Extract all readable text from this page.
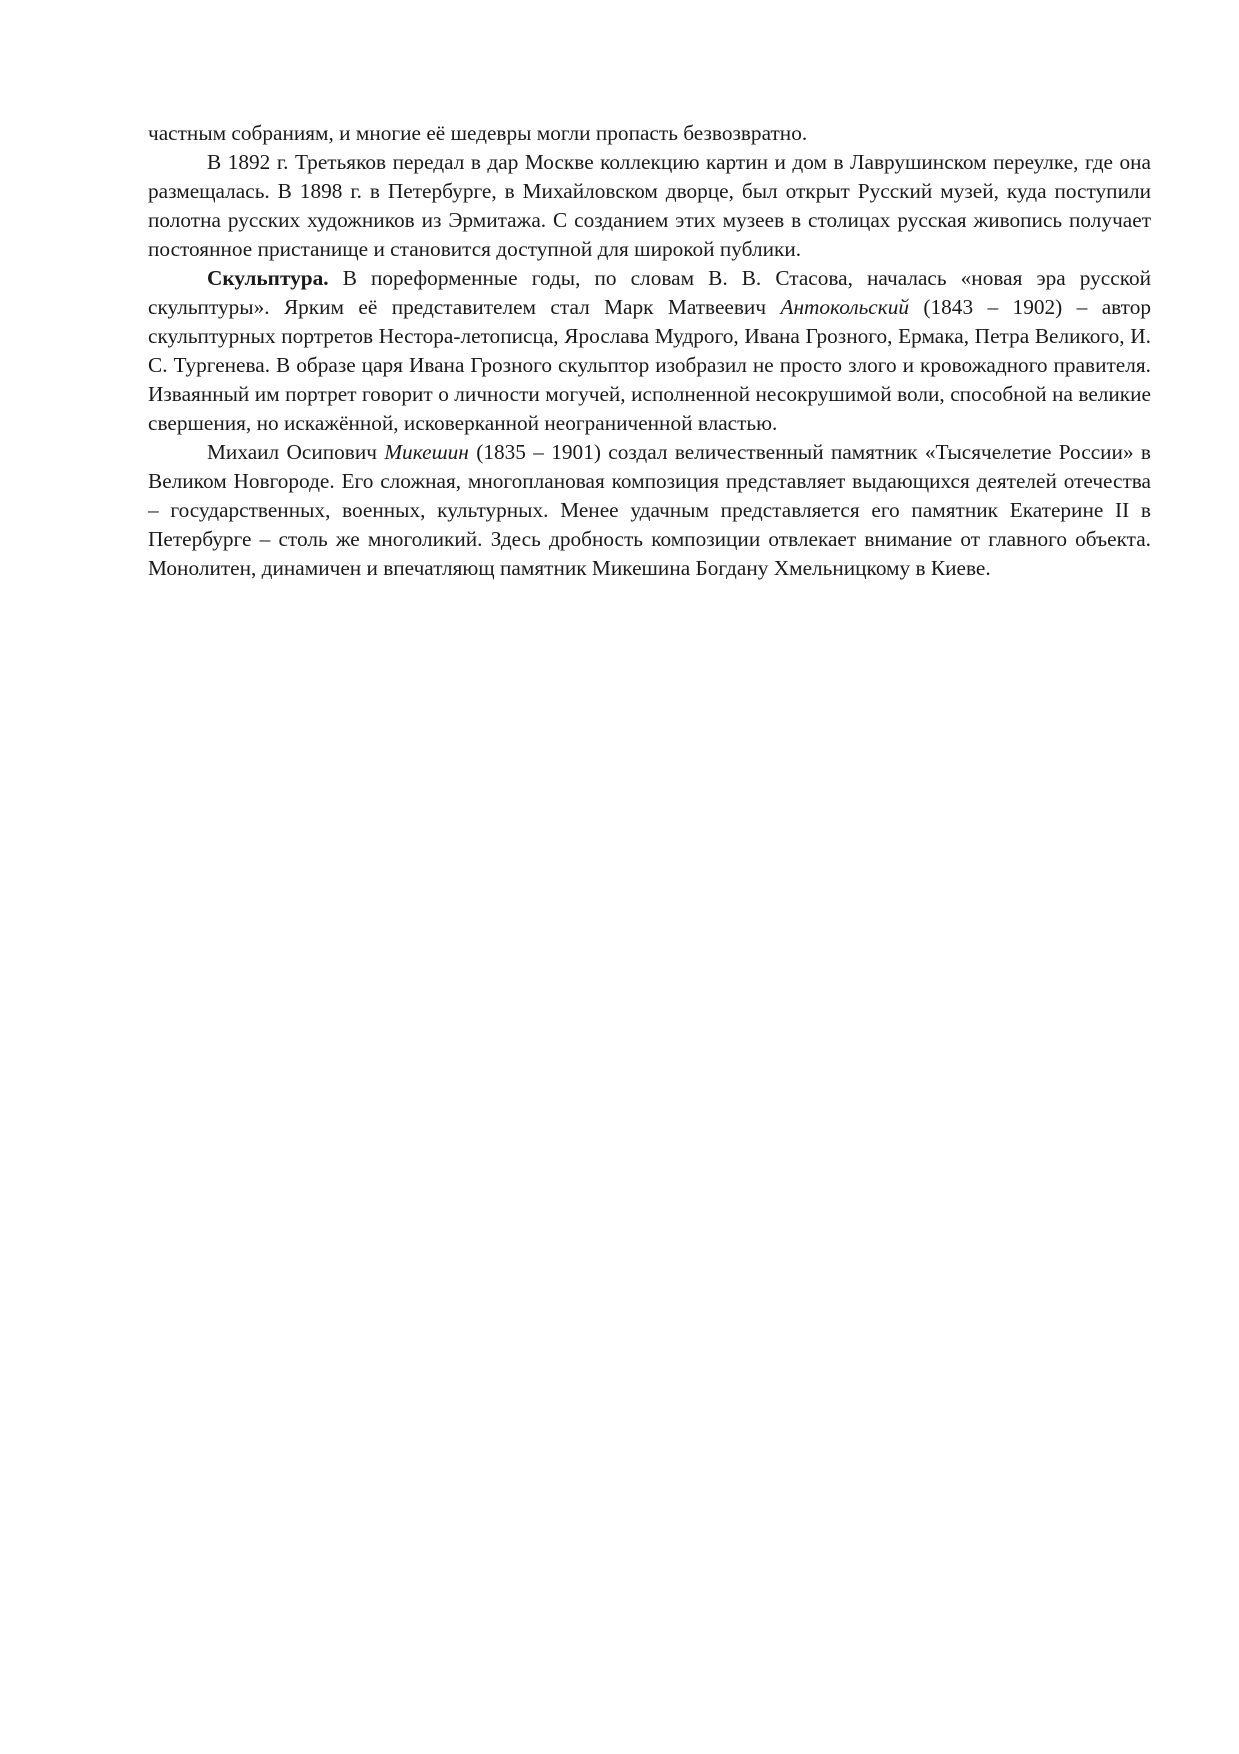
частным собраниям, и многие её шедевры могли пропасть безвозвратно.

В 1892 г. Третьяков передал в дар Москве коллекцию картин и дом в Лаврушинском переулке, где она размещалась. В 1898 г. в Петербурге, в Михайловском дворце, был открыт Русский музей, куда поступили полотна русских художников из Эрмитажа. С созданием этих музеев в столицах русская живопись получает постоянное пристанище и становится доступной для широкой публики.

Скульптура. В пореформенные годы, по словам В. В. Стасова, началась «новая эра русской скульптуры». Ярким её представителем стал Марк Матвеевич Антокольский (1843 – 1902) – автор скульптурных портретов Нестора-летописца, Ярослава Мудрого, Ивана Грозного, Ермака, Петра Великого, И. С. Тургенева. В образе царя Ивана Грозного скульптор изобразил не просто злого и кровожадного правителя. Изваянный им портрет говорит о личности могучей, исполненной несокрушимой воли, способной на великие свершения, но искажённой, исковерканной неограниченной властью.

Михаил Осипович Микешин (1835 – 1901) создал величественный памятник «Тысячелетие России» в Великом Новгороде. Его сложная, многоплановая композиция представляет выдающихся деятелей отечества – государственных, военных, культурных. Менее удачным представляется его памятник Екатерине II в Петербурге – столь же многоликий. Здесь дробность композиции отвлекает внимание от главного объекта. Монолитен, динамичен и впечатляющ памятник Микешина Богдану Хмельницкому в Киеве.
